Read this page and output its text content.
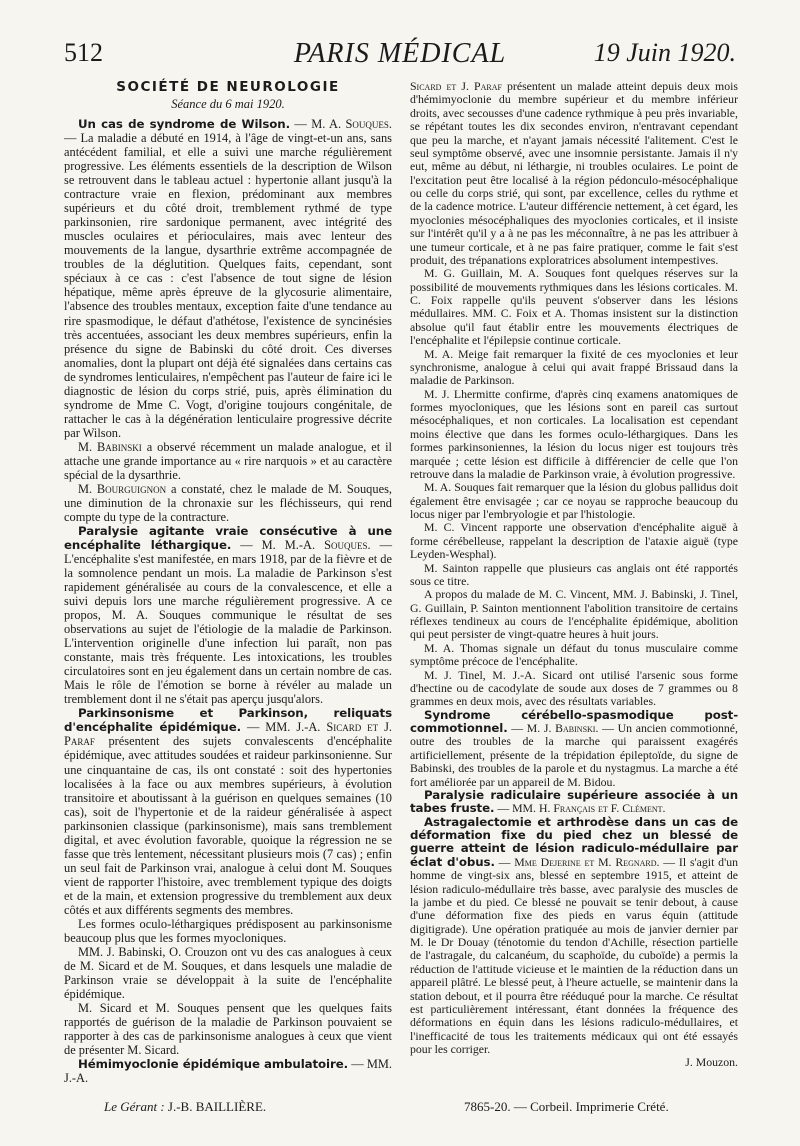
512	PARIS MÉDICAL	19 Juin 1920.
SOCIÉTÉ DE NEUROLOGIE
Séance du 6 mai 1920.

Un cas de syndrome de Wilson. — M. A. Souques. — La maladie a débuté en 1914, à l'âge de vingt-et-un ans, sans antécédent familial, et elle a suivi une marche régulièrement progressive. Les éléments essentiels de la description de Wilson se retrouvent dans le tableau actuel : hypertonie allant jusqu'à la contracture vraie en flexion, prédominant aux membres supérieurs et du côté droit, tremblement rythmé de type parkinsonien, rire sardonique permanent, avec intégrité des muscles oculaires et périoculaires, mais avec lenteur des mouvements de la langue, dysarthrie extrême accompagnée de troubles de la déglutition. Quelques faits, cependant, sont spéciaux à ce cas : c'est l'absence de tout signe de lésion hépatique, même après épreuve de la glycosurie alimentaire, l'absence des troubles mentaux, exception faite d'une tendance au rire spasmodique, le défaut d'athétose, l'existence de syncinésies très accentuées, associant les deux membres supérieurs, enfin la présence du signe de Babinski du côté droit. Ces diverses anomalies, dont la plupart ont déjà été signalées dans certains cas de syndromes lenticulaires, n'empêchent pas l'auteur de faire ici le diagnostic de lésion du corps strié, puis, après élimination du syndrome de Mme C. Vogt, d'origine toujours congénitale, de rattacher le cas à la dégénération lenticulaire progressive décrite par Wilson.

M. Babinski a observé récemment un malade analogue, et il attache une grande importance au « rire narquois » et au caractère spécial de la dysarthrie.

M. Bourguignon a constaté, chez le malade de M. Souques, une diminution de la chronaxie sur les fléchisseurs, qui rend compte du type de la contracture.

Paralysie agitante vraie consécutive à une encéphalite léthargique. — M. M.-A. Souques. — L'encéphalite s'est manifestée, en mars 1918, par de la fièvre et de la somnolence pendant un mois. La maladie de Parkinson s'est rapidement généralisée au cours de la convalescence, et elle a suivi depuis lors une marche régulièrement progressive. A ce propos, M. A. Souques communique le résultat de ses observations au sujet de l'étiologie de la maladie de Parkinson. L'intervention originelle d'une infection lui paraît, non pas constante, mais très fréquente. Les intoxications, les troubles circulatoires sont en jeu également dans un certain nombre de cas. Mais le rôle de l'émotion se borne à révéler au malade un tremblement dont il ne s'était pas aperçu jusqu'alors.

Parkinsonisme et Parkinson, reliquats d'encéphalite épidémique. — MM. J.-A. Sicard et J. Paraf présentent des sujets convalescents d'encéphalite épidémique, avec attitudes soudées et raideur parkinsonienne. Sur une cinquantaine de cas, ils ont constaté : soit des hypertonies localisées à la face ou aux membres supérieurs, à évolution transitoire et aboutissant à la guérison en quelques semaines (10 cas), soit de l'hypertonie et de la raideur généralisée à aspect parkinsonien classique (parkinsonisme), mais sans tremblement digital, et avec évolution favorable, quoique la régression ne se fasse que très lentement, nécessitant plusieurs mois (7 cas) ; enfin un seul fait de Parkinson vrai, analogue à celui dont M. Souques vient de rapporter l'histoire, avec tremblement typique des doigts et de la main, et extension progressive du tremblement aux deux côtés et aux différents segments des membres.

Les formes oculo-léthargiques prédisposent au parkinsonisme beaucoup plus que les formes myocloniques.

MM. J. Babinski, O. Crouzon ont vu des cas analogues à ceux de M. Sicard et de M. Souques, et dans lesquels une maladie de Parkinson vraie se développait à la suite de l'encéphalite épidémique.

M. Sicard et M. Souques pensent que les quelques faits rapportés de guérison de la maladie de Parkinson pouvaient se rapporter à des cas de parkinsonisme analogues à ceux que vient de présenter M. Sicard.

Hémimyoclonie épidémique ambulatoire. — MM. J.-A.

Sicard et J. Paraf présentent un malade atteint depuis deux mois d'hémimyoclonie du membre supérieur et du membre inférieur droits, avec secousses d'une cadence rythmique à peu près invariable, se répétant toutes les dix secondes environ, n'entravant cependant que peu la marche, et n'ayant jamais nécessité l'alitement. C'est le seul symptôme observé, avec une insomnie persistante. Jamais il n'y eut, même au début, ni léthargie, ni troubles oculaires. Le point de l'excitation peut être localisé à la région pédonculo-mésocéphalique ou celle du corps strié, qui sont, par excellence, celles du rythme et de la cadence motrice. L'auteur différencie nettement, à cet égard, les myoclonies mésocéphaliques des myoclonies corticales, et il insiste sur l'intérêt qu'il y a à ne pas les méconnaître, à ne pas les attribuer à une tumeur corticale, et à ne pas faire pratiquer, comme le fait s'est produit, des trépanations exploratrices absolument intempestives.

M. G. Guillain, M. A. Souques font quelques réserves sur la possibilité de mouvements rythmiques dans les lésions corticales. M. C. Foix rappelle qu'ils peuvent s'observer dans les lésions médullaires. MM. C. Foix et A. Thomas insistent sur la distinction absolue qu'il faut établir entre les mouvements électriques de l'encéphalite et l'épilepsie continue corticale.

M. A. Meige fait remarquer la fixité de ces myoclonies et leur synchronisme, analogue à celui qui avait frappé Brissaud dans la maladie de Parkinson.

M. J. Lhermitte confirme, d'après cinq examens anatomiques de formes myocloniques, que les lésions sont en pareil cas surtout mésocéphaliques, et non corticales. La localisation est cependant moins élective que dans les formes oculo-léthargiques. Dans les formes parkinsoniennes, la lésion du locus niger est toujours très marquée ; cette lésion est difficile à différencier de celle que l'on retrouve dans la maladie de Parkinson vraie, à évolution progressive.

M. A. Souques fait remarquer que la lésion du globus pallidus doit également être envisagée ; car ce noyau se rapproche beaucoup du locus niger par l'embryologie et par l'histologie.

M. C. Vincent rapporte une observation d'encéphalite aiguë à forme cérébelleuse, rappelant la description de l'ataxie aiguë (type Leyden-Wesphal).

M. Sainton rappelle que plusieurs cas anglais ont été rapportés sous ce titre.

A propos du malade de M. C. Vincent, MM. J. Babinski, J. Tinel, G. Guillain, P. Sainton mentionnent l'abolition transitoire de certains réflexes tendineux au cours de l'encéphalite épidémique, abolition qui peut persister de vingt-quatre heures à huit jours.

M. A. Thomas signale un défaut du tonus musculaire comme symptôme précoce de l'encéphalite.

M. J. Tinel, M. J.-A. Sicard ont utilisé l'arsenic sous forme d'hectine ou de cacodylate de soude aux doses de 7 grammes ou 8 grammes en deux mois, avec des résultats variables.

Syndrome cérébello-spasmodique post-commotionnel. — M. J. Babinski. — Un ancien commotionné, outre des troubles de la marche qui paraissent exagérés artificiellement, présente de la trépidation épileptoïde, du signe de Babinski, des troubles de la parole et du nystagmus. La marche a été fort améliorée par un appareil de M. Bidou.

Paralysie radiculaire supérieure associée à un tabes fruste. — MM. H. Français et F. Clément.

Astragalectomie et arthrodèse dans un cas de déformation fixe du pied chez un blessé de guerre atteint de lésion radiculo-médullaire par éclat d'obus. — Mme Dejerine et M. Regnard. — Il s'agit d'un homme de vingt-six ans, blessé en septembre 1915, et atteint de lésion radiculo-médullaire très basse, avec paralysie des muscles de la jambe et du pied. Ce blessé ne pouvait se tenir debout, à cause d'une déformation fixe des pieds en varus équin (attitude digitigrade). Une opération pratiquée au mois de janvier dernier par M. le Dr Douay (ténotomie du tendon d'Achille, résection partielle de l'astragale, du calcanéum, du scaphoïde, du cuboïde) a permis la réduction de l'attitude vicieuse et le maintien de la réduction dans un appareil plâtré. Le blessé peut, à l'heure actuelle, se maintenir dans la station debout, et il pourra être rééduqué pour la marche. Ce résultat est particulièrement intéressant, étant données la fréquence des déformations en équin dans les lésions radiculo-médullaires, et l'inefficacité de tous les traitements médicaux qui ont été essayés pour les corriger.

J. Mouzon.

Le Gérant : J.-B. BAILLIÈRE.	7865-20. — Corbeil. Imprimerie Crété.
